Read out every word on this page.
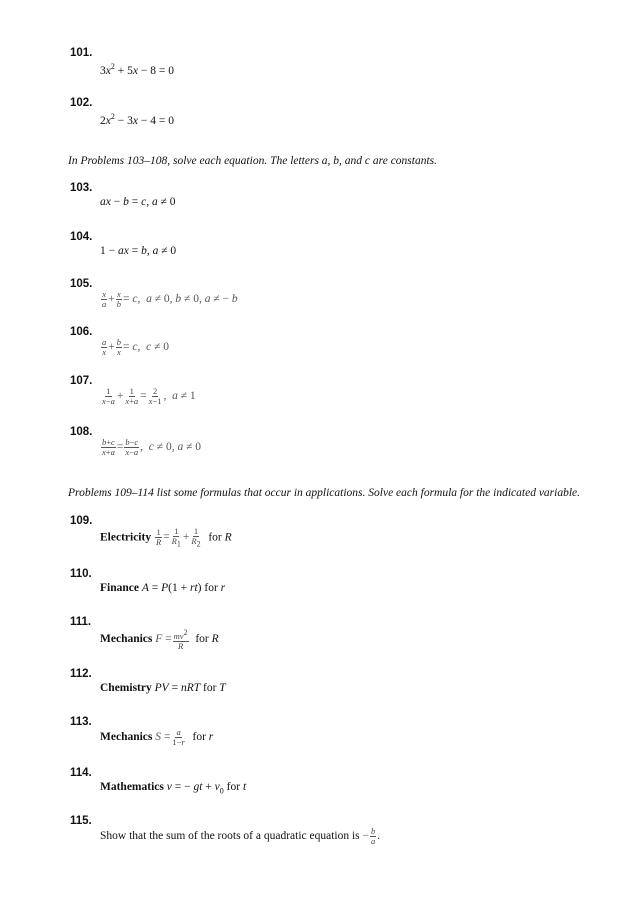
101.
$3x^2 + 5x - 8 = 0$
102.
$2x^2 - 3x - 4 = 0$
In Problems 103–108, solve each equation. The letters a, b, and c are constants.
103.
ax − b = c, a ≠ 0
104.
1 − ax = b, a ≠ 0
105.
$\frac{x}{a} + \frac{x}{b} = c$,  a ≠ 0, b ≠ 0, a ≠ − b
106.
$\frac{a}{x} + \frac{b}{x} = c$,  c ≠ 0
107.
$\frac{1}{x-a} + \frac{1}{x+a} = \frac{2}{x-1}$ ,  a ≠ 1
108.
$\frac{b+c}{x+a} = \frac{b-c}{x-a}$ ,  c ≠ 0, a ≠ 0
Problems 109–114 list some formulas that occur in applications. Solve each formula for the indicated variable.
109.
Electricity $\frac{1}{R} = \frac{1}{R_1} + \frac{1}{R_2}$ for R
110.
Finance A = P(1 + rt) for r
111.
Mechanics $F = \frac{mv^2}{R}$ for R
112.
Chemistry PV = nRT for T
113.
Mechanics $S = \frac{a}{1-r}$ for r
114.
Mathematics v = − gt + $v_0$ for t
115.
Show that the sum of the roots of a quadratic equation is − $\frac{b}{a}$ .
